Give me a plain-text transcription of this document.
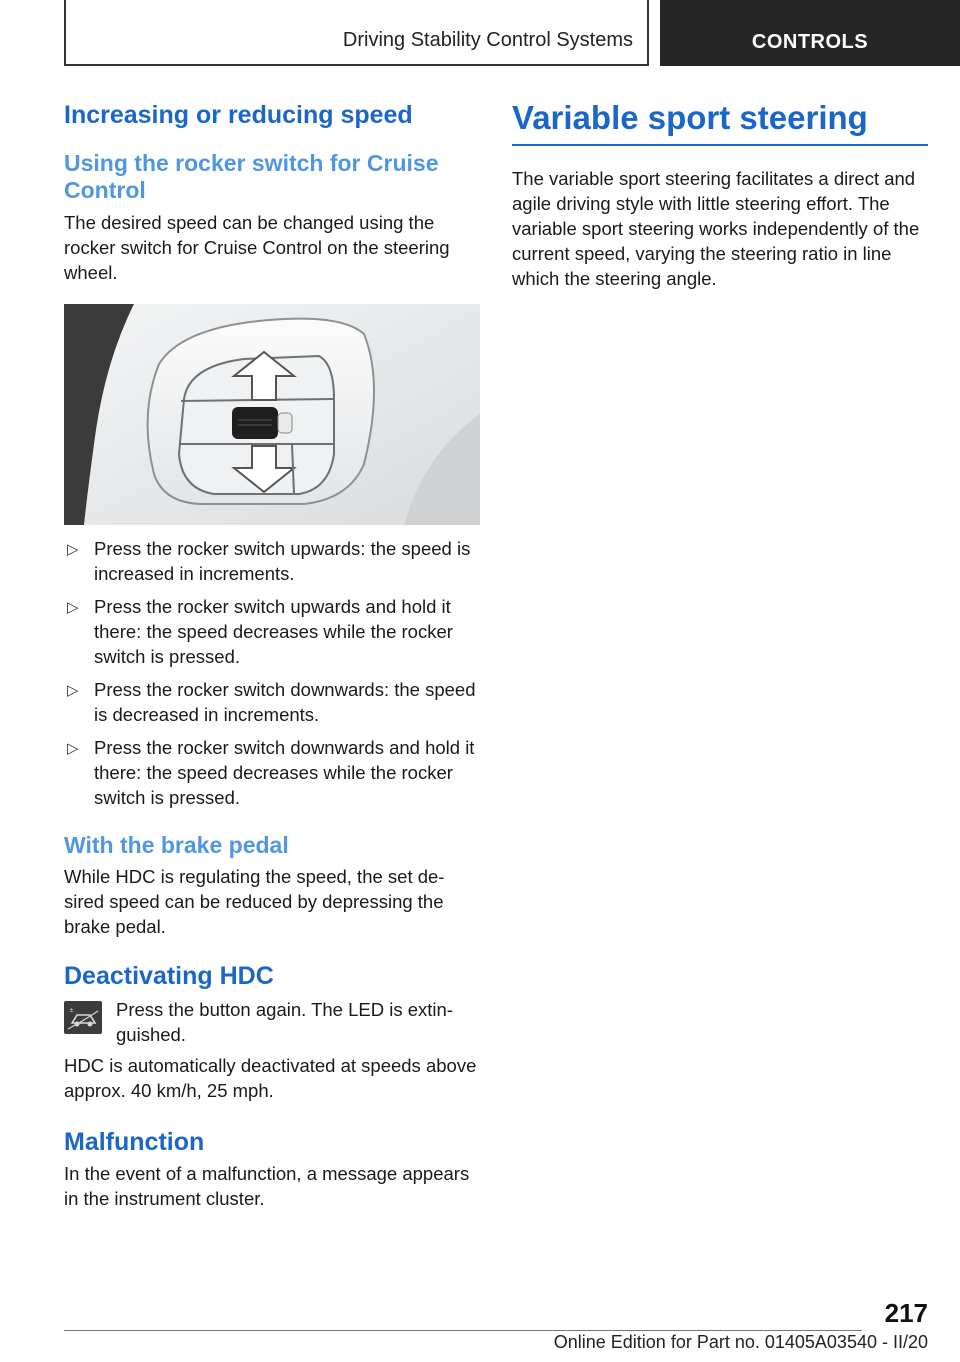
Driving Stability Control Systems	CONTROLS
Increasing or reducing speed
Using the rocker switch for Cruise Control

The desired speed can be changed using the rocker switch for Cruise Control on the steering wheel.

▷ Press the rocker switch upwards: the speed is increased in increments.
▷ Press the rocker switch upwards and hold it there: the speed decreases while the rocker switch is pressed.
▷ Press the rocker switch downwards: the speed is decreased in increments.
▷ Press the rocker switch downwards and hold it there: the speed decreases while the rocker switch is pressed.
With the brake pedal

While HDC is regulating the speed, the set de-sired speed can be reduced by depressing the brake pedal.

Deactivating HDC
± Press the button again. The LED is extin-guished.

HDC is automatically deactivated at speeds above approx. 40 km/h, 25 mph.

Malfunction

In the event of a malfunction, a message appears in the instrument cluster.

Variable sport steering

The variable sport steering facilitates a direct and agile driving style with little steering effort. The variable sport steering works independently of the current speed, varying the steering ratio in line which the steering angle.

217
Online Edition for Part no. 01405A03540 - II/20
